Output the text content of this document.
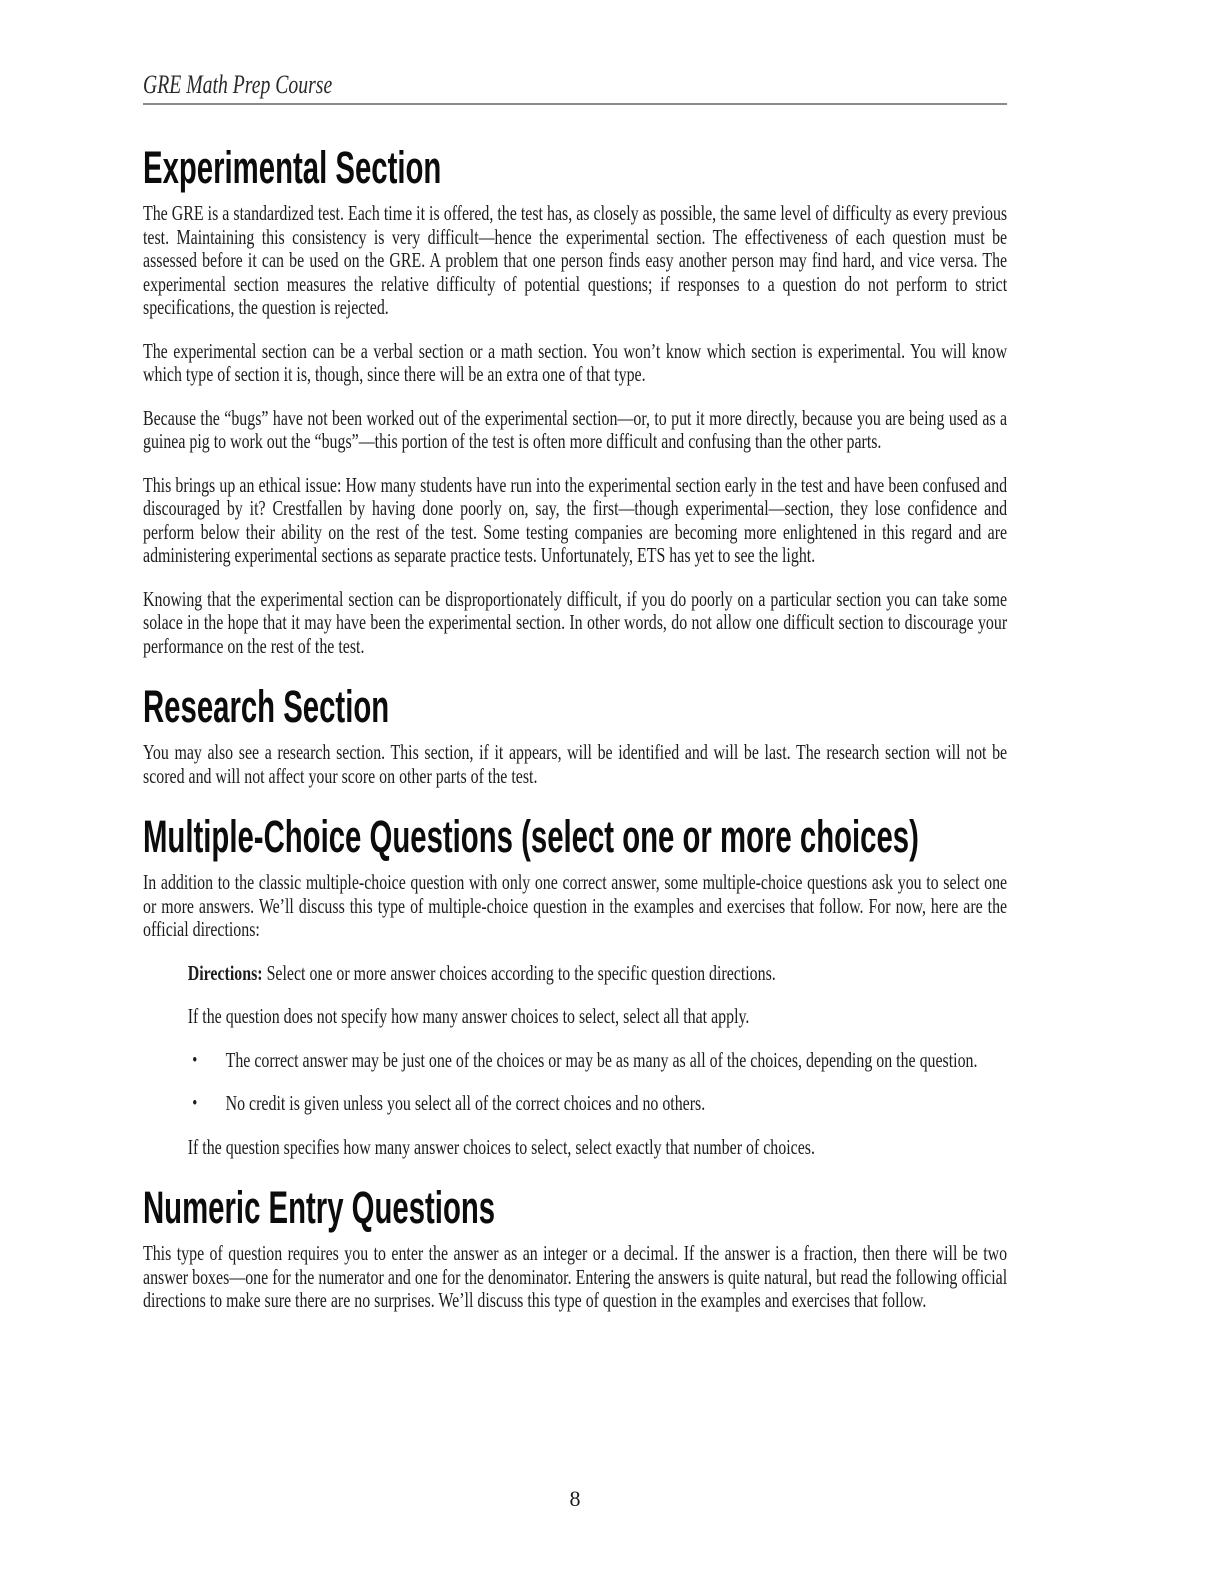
GRE Math Prep Course
Experimental Section

The GRE is a standardized test. Each time it is offered, the test has, as closely as possible, the same level of difficulty as every previous test. Maintaining this consistency is very difficult—hence the experimental section. The effectiveness of each question must be assessed before it can be used on the GRE. A problem that one person finds easy another person may find hard, and vice versa. The experimental section measures the relative difficulty of potential questions; if responses to a question do not perform to strict specifications, the question is rejected.

The experimental section can be a verbal section or a math section. You won’t know which section is experimental. You will know which type of section it is, though, since there will be an extra one of that type.

Because the “bugs” have not been worked out of the experimental section—or, to put it more directly, because you are being used as a guinea pig to work out the “bugs”—this portion of the test is often more difficult and confusing than the other parts.

This brings up an ethical issue: How many students have run into the experimental section early in the test and have been confused and discouraged by it? Crestfallen by having done poorly on, say, the first—though experimental—section, they lose confidence and perform below their ability on the rest of the test. Some testing companies are becoming more enlightened in this regard and are administering experimental sections as separate practice tests. Unfortunately, ETS has yet to see the light.

Knowing that the experimental section can be disproportionately difficult, if you do poorly on a particular section you can take some solace in the hope that it may have been the experimental section. In other words, do not allow one difficult section to discourage your performance on the rest of the test.

Research Section

You may also see a research section. This section, if it appears, will be identified and will be last. The research section will not be scored and will not affect your score on other parts of the test.

Multiple-Choice Questions (select one or more choices)

In addition to the classic multiple-choice question with only one correct answer, some multiple-choice questions ask you to select one or more answers. We’ll discuss this type of multiple-choice question in the examples and exercises that follow. For now, here are the official directions:

Directions: Select one or more answer choices according to the specific question directions.

If the question does not specify how many answer choices to select, select all that apply.

•	The correct answer may be just one of the choices or may be as many as all of the choices, depending on the question.
•	No credit is given unless you select all of the correct choices and no others.

If the question specifies how many answer choices to select, select exactly that number of choices.

Numeric Entry Questions

This type of question requires you to enter the answer as an integer or a decimal. If the answer is a fraction, then there will be two answer boxes—one for the numerator and one for the denominator. Entering the answers is quite natural, but read the following official directions to make sure there are no surprises. We’ll discuss this type of question in the examples and exercises that follow.

8
